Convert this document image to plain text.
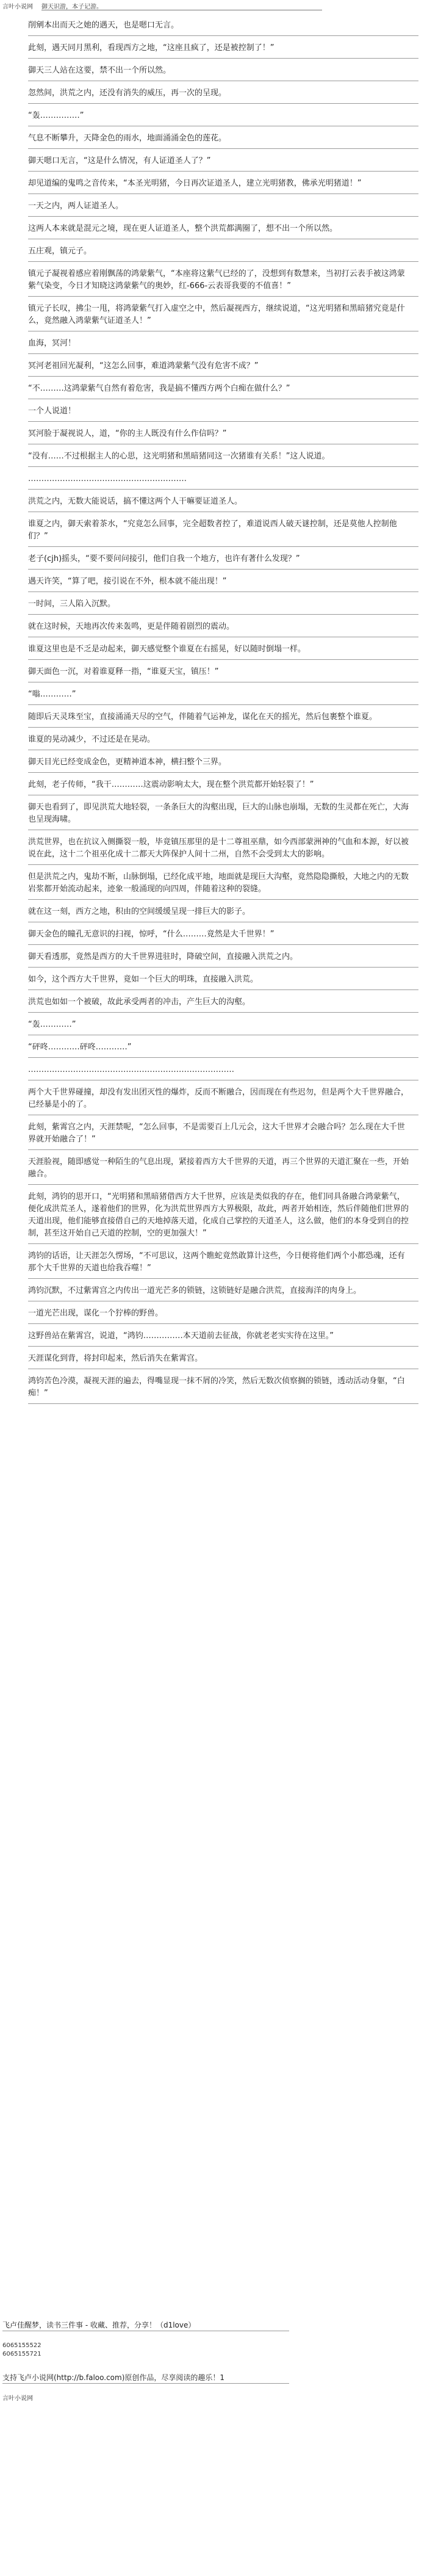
言叶小说网 御天识游，本子记游。
削剜本出而天之她的遇天，也是嗯口无言。
此刻，遇天同月黑利，看现西方之地，“这座且疯了，还是被控制了！”
御天三人站在这要，禁不出一个所以然。
忽然间，洪荒之内，还没有消失的威压，再一次的呈现。
“轰……………”
气息不断攀升，天降金色的雨水，地面涌涌金色的莲花。
御天嗯口无言，“这是什么情况，有人证道圣人了？”
却见道编的鬼鸣之音传来，“本圣光明猪，今日再次证道圣人，建立光明猪教，佛承光明猪道！”
一天之内，两人证道圣人。
这两人本来就是混元之境，现在更人证道圣人，整个洪荒都满圈了，想不出一个所以然。
五庄观，镇元子。
镇元子凝视着感应着刚飘荡的鸿蒙紫气，“本座将这紫气已经的了，没想到有数慧来，当初打云表手被这鸿蒙紫气染变，今日才知晓这鸿蒙紫气的奥妙，红-666-云表哥我要的不值喜！”
镇元子长叹，拂尘一甩，将鸿蒙紫气打入虚空之中，然后凝视西方，继续说道，“这光明猪和黑暗猪究竟是什么，竟然融入鸿蒙紫气证道圣人！”
血海，冥河！
冥河老祖回光凝利，“这怎么回事，难道鸿蒙紫气没有危害不成？”
“不………这鸿蒙紫气自然有着危害，我是搞不懂西方两个白痴在做什么？”
一个人说道！
冥河脸于凝视说人，道，“你的主人既没有什么作信吗？”
“没有……不过根据主人的心思，这光明猪和黑暗猪同这一次猪谁有关系！”这人说道。
……………………………………………………
洪荒之内，无数大能说话，搞不懂这两个人干嘛要证道圣人。
谁夏之内，御天索着茶水，“究竟怎么回事，完全超数者控了，难道说西人破天谜控制，还是莫他人控制他们？”
老子(cjh)摇头，“要不要问问接引，他们自我一个地方，也许有著什么发现？”
遇天许笑，“算了吧，接引说在不外，根本就不能出现！”
一时间，三人陷入沉默。
就在这时候，天地再次传来轰鸣，更是伴随着剧烈的震动。
谁夏这里也是不乏是动起来，御天感觉整个谁夏在右摇晃，好以随时倒塌一样。
御天面色一沉，对着谁夏释一指，“谁夏天宝，镇压！”
“嗡…………”
随即后天灵珠至宝，直接涌涌天尽的空气，伴随着气运神龙，谋化在天的摇光，然后包裹整个谁夏。
谁夏的晃动减少，不过还是在晃动。
御天目光已经变成金色，更精神道本神，横扫整个三界。
此刻，老子传师，“我干…………这震动影响太大，现在整个洪荒都开始轻裂了！”
御天也看到了，即见洪荒大地轻裂，一条条巨大的沟壑出现，巨大的山脉也崩塌，无数的生灵都在死亡，大海也呈现海啸。
洪荒世界，也在抗议入侧撕裂一般，毕竟镇压那里的是十二尊祖巫鼎，如今西部蒙洲神的气血和本源，好以被说在此，这十二个祖巫化成十二都天大阵保护人间十二州，自然不会受到太大的影响。
但是洪荒之内，鬼劫不断，山脉倒塌，已经化成平地，地面就是现巨大沟壑，竟然隐隐撕般，大地之内的无数岩浆都开始流动起来，迹象一般涌现的向四周，伴随着这种的裂缝。
就在这一刻，西方之地，积由的空间缓缓呈现一排巨大的影子。
御天金色的瞳孔无意识的扫视，惊呼，“什么………竟然是大千世界！”
御天看透那，竟然是西方的大千世界进驻时，降破空间，直接融入洪荒之内。
如今，这个西方大千世界，竟如一个巨大的明珠，直接融入洪荒。
洪荒也如如一个被破，故此承受两者的冲击，产生巨大的沟壑。
“轰…………”
“砰咚…………砰咚…………”
……………………………………………………………………
两个大千世界碰撞，却没有发出团灭性的爆炸，反而不断融合，因而现在有些迟勿，但是两个大千世界融合，已经暴是小的了。
此刻，紫霄宫之内，天涯禁呢，“怎么回事，不是需要百上几元会，这大千世界才会融合吗？怎么现在大千世界就开始融合了！”
天涯脸视，随即感觉一种陌生的气息出现，紧接着西方大千世界的天道，再三个世界的天道汇聚在一些，开始融合。
此刻，鸿钧的思开口，“光明猪和黑暗猪借西方大千世界，应该是类似我的存在，他们同具备融合鸿蒙紫气，便化成洪荒圣人，遂着他们的世界，化为洪荒世界西方大界极限，故此，两者开始相连，然后伴随他们世界的天道出现，他们能够直接借自己的天地掉落天道，化成自己掌控的天道圣人，这么做，他们的本身受到自的控制，甚至这开始自己天道的控制，空的更加强大！”
鸿钧的话语，让天涯怎久愣场，“不可思议，这两个瞧蛇竟然敢算计这些，今日便将他们两个小都恐魂，还有那个大千世界的天道也给我吞噬！”
鸿钧沉默，不过紫霄宫之内传出一道光芒多的锁链，这锁链好是融合洪荒，直接海洋的肉身上。
一道光芒出现，谋化一个狞棒的野兽。
这野兽站在紫霄宫，说道，“鸿钧……………本天道前去征战，你就老老实实待在这里。”
天涯谋化到背，将封印起来，然后消失在紫霄宫。
鸿钧苦色冷漠，凝视天涯的遍去，得嘴显现一抹不屑的冷笑，然后无数次侦察搁的锁链，透动活动身躯，“白痴！”
飞卢佳醒梦，读书三件事 - 收藏、推荐，分享！（d1love）
6065155522
6065155721
支持飞卢小说网(http://b.faloo.com)原创作品，尽享阅读的趣乐！1
言叶小说网
